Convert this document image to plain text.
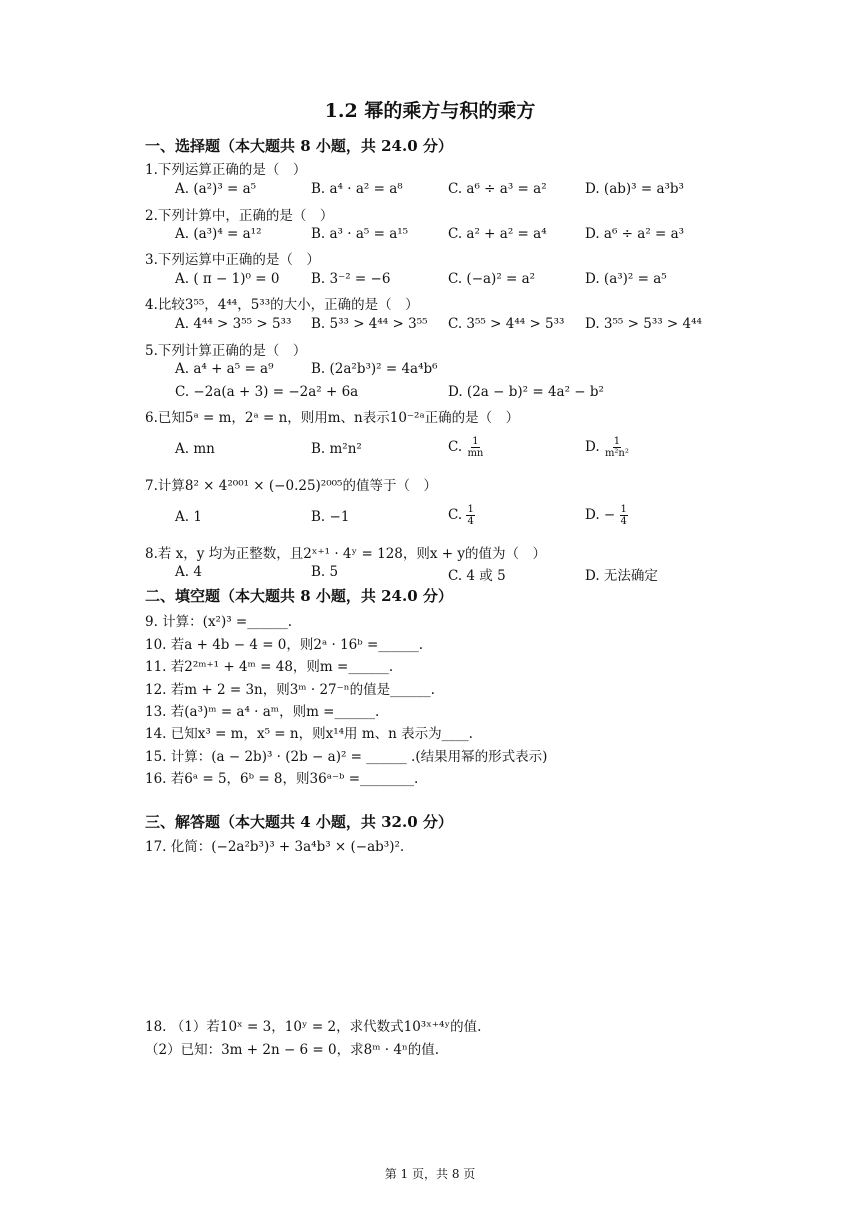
1.2 幂的乘方与积的乘方
一、选择题（本大题共 8 小题，共 24.0 分）
1.下列运算正确的是（　）
A. (a²)³ = a⁵	B. a⁴ · a² = a⁸	C. a⁶ ÷ a³ = a²	D. (ab)³ = a³b³
2.下列计算中，正确的是（　）
A. (a³)⁴ = a¹²	B. a³ · a⁵ = a¹⁵	C. a² + a² = a⁴	D. a⁶ ÷ a² = a³
3.下列运算中正确的是（　）
A. ( π − 1)⁰ = 0 B. 3⁻² = −6	C. (−a)² = a²	D. (a³)² = a⁵
4.比较3⁵⁵，4⁴⁴，5³³的大小，正确的是（　）
A. 4⁴⁴ > 3⁵⁵ > 5³³ B. 5³³ > 4⁴⁴ > 3⁵⁵ C. 3⁵⁵ > 4⁴⁴ > 5³³ D. 3⁵⁵ > 5³³ > 4⁴⁴
5.下列计算正确的是（　）
A. a⁴ + a⁵ = a⁹	B. (2a²b³)² = 4a⁴b⁶
C. −2a(a + 3) = −2a² + 6a	D. (2a − b)² = 4a² − b²
6.已知5ᵃ = m，2ᵃ = n，则用m、n表示10⁻²ᵃ正确的是（　）
A. mn	B. m²n²	C. $\frac{1}{mn}$	D. $\frac{1}{\text{m²n²}}$
7.计算8² × 4²⁰⁰¹ × (−0.25)²⁰⁰⁵的值等于（　）
A. 1	B. −1	C. $\frac{1}{4}$	D. − $\frac{1}{4}$
8.若 x，y 均为正整数，且2ˣ⁺¹ · 4ʸ = 128，则x + y的值为（　）
A. 4	B. 5	C. 4 或 5	D. 无法确定
二、填空题（本大题共 8 小题，共 24.0 分）
9. 计算：(x²)³ =______.
10. 若a + 4b − 4 = 0，则2ᵃ · 16ᵇ =______.
11. 若2²ᵐ⁺¹ + 4ᵐ = 48，则m =______.
12. 若m + 2 = 3n，则3ᵐ · 27⁻ⁿ的值是______.
13. 若(a³)ᵐ = a⁴ · aᵐ，则m =______.
14. 已知x³ = m，x⁵ = n，则x¹⁴用 m、n 表示为____.
15. 计算：(a − 2b)³ · (2b − a)² = ______ .(结果用幂的形式表示)
16. 若6ᵃ = 5，6ᵇ = 8，则36ᵃ⁻ᵇ =________.
三、解答题（本大题共 4 小题，共 32.0 分）
17. 化简：(−2a²b³)³ + 3a⁴b³ × (−ab³)².
18. （1）若10ˣ = 3，10ʸ = 2，求代数式10³ˣ⁺⁴ʸ的值.
（2）已知：3m + 2n − 6 = 0，求8ᵐ · 4ⁿ的值.
第 1 页，共 8 页
